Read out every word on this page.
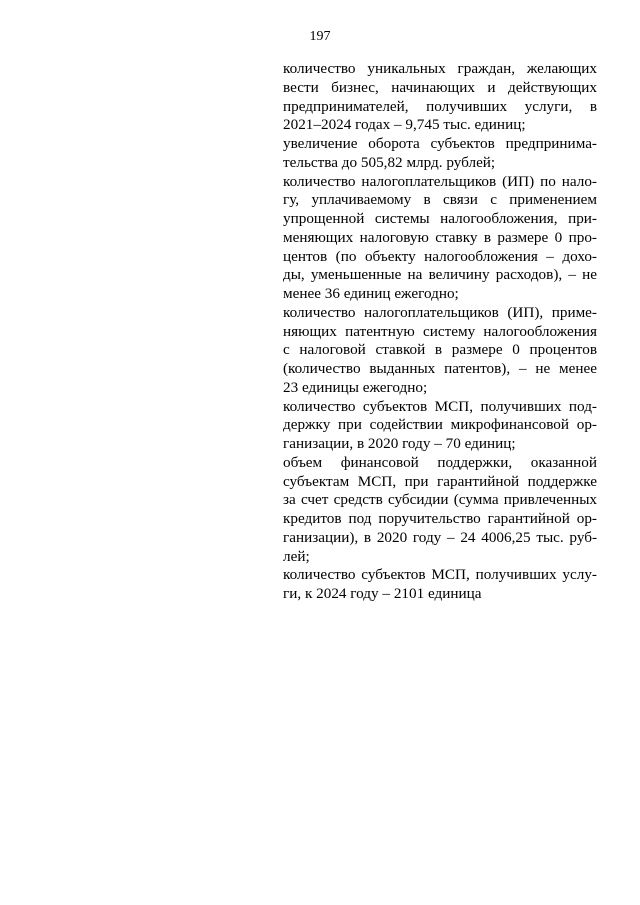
197
количество уникальных граждан, желающих
вести бизнес, начинающих и действующих
предпринимателей, получивших услуги, в
2021–2024 годах – 9,745 тыс. единиц;
увеличение оборота субъектов предпринима-
тельства до 505,82 млрд. рублей;
количество налогоплательщиков (ИП) по нало-
гу, уплачиваемому в связи с применением
упрощенной системы налогообложения, при-
меняющих налоговую ставку в размере 0 про-
центов (по объекту налогообложения – дохо-
ды, уменьшенные на величину расходов), – не
менее 36 единиц ежегодно;
количество налогоплательщиков (ИП), приме-
няющих патентную систему налогообложения
с налоговой ставкой в размере 0 процентов
(количество выданных патентов), – не менее
23 единицы ежегодно;
количество субъектов МСП, получивших под-
держку при содействии микрофинансовой ор-
ганизации, в 2020 году – 70 единиц;
объем финансовой поддержки, оказанной
субъектам МСП, при гарантийной поддержке
за счет средств субсидии (сумма привлеченных
кредитов под поручительство гарантийной ор-
ганизации), в 2020 году – 24 4006,25 тыс. руб-
лей;
количество субъектов МСП, получивших услу-
ги, к 2024 году – 2101 единица
